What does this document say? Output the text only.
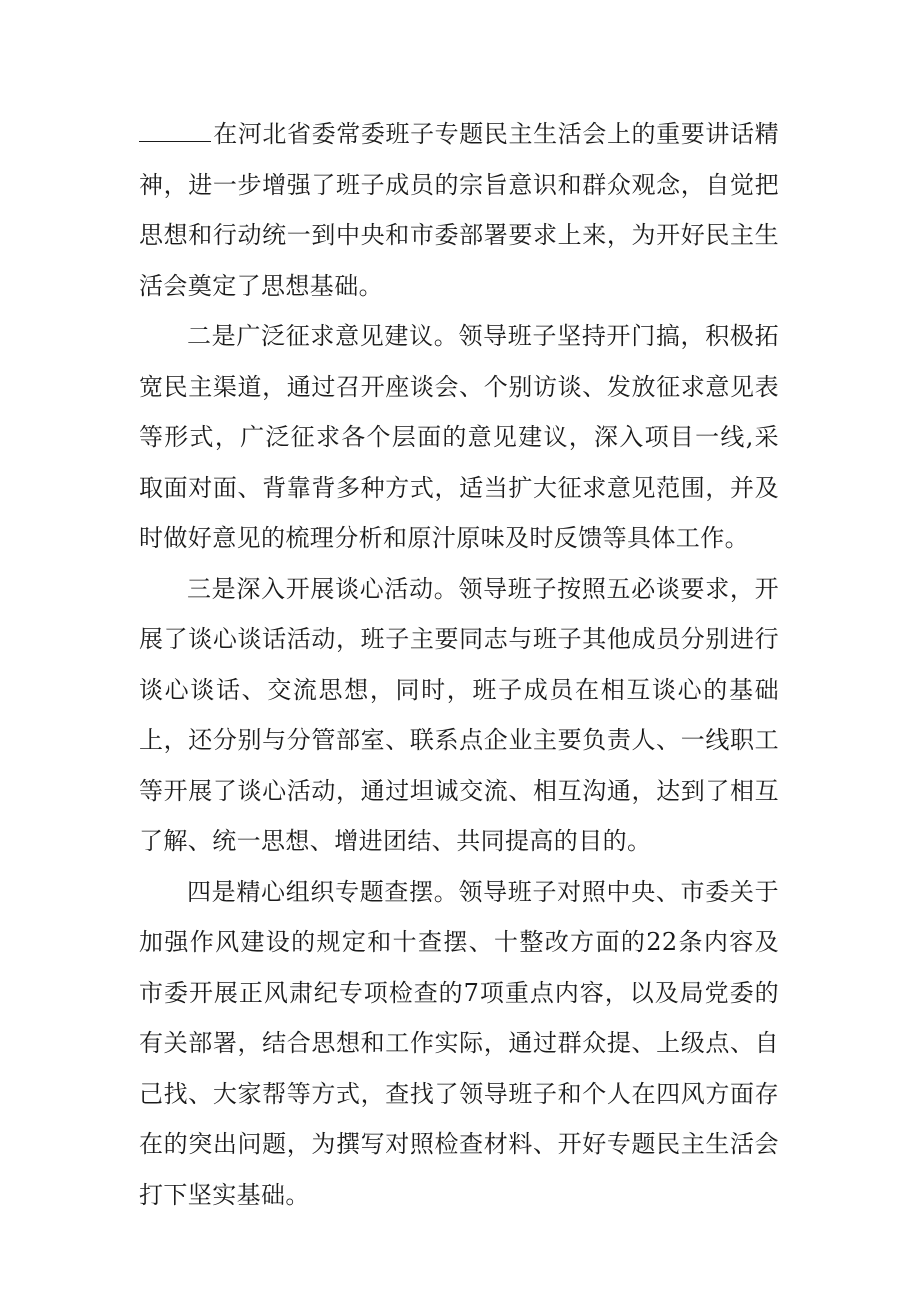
在河北省委常委班子专题民主生活会上的重要讲话精神，进一步增强了班子成员的宗旨意识和群众观念，自觉把思想和行动统一到中央和市委部署要求上来，为开好民主生活会奠定了思想基础。

二是广泛征求意见建议。领导班子坚持开门搞，积极拓宽民主渠道，通过召开座谈会、个别访谈、发放征求意见表等形式，广泛征求各个层面的意见建议，深入项目一线,采取面对面、背靠背多种方式，适当扩大征求意见范围，并及时做好意见的梳理分析和原汁原味及时反馈等具体工作。

三是深入开展谈心活动。领导班子按照五必谈要求，开展了谈心谈话活动，班子主要同志与班子其他成员分别进行谈心谈话、交流思想，同时，班子成员在相互谈心的基础上，还分别与分管部室、联系点企业主要负责人、一线职工等开展了谈心活动，通过坦诚交流、相互沟通，达到了相互了解、统一思想、增进团结、共同提高的目的。

四是精心组织专题查摆。领导班子对照中央、市委关于加强作风建设的规定和十查摆、十整改方面的22条内容及市委开展正风肃纪专项检查的7项重点内容，以及局党委的有关部署，结合思想和工作实际，通过群众提、上级点、自己找、大家帮等方式，查找了领导班子和个人在四风方面存在的突出问题，为撰写对照检查材料、开好专题民主生活会打下坚实基础。
